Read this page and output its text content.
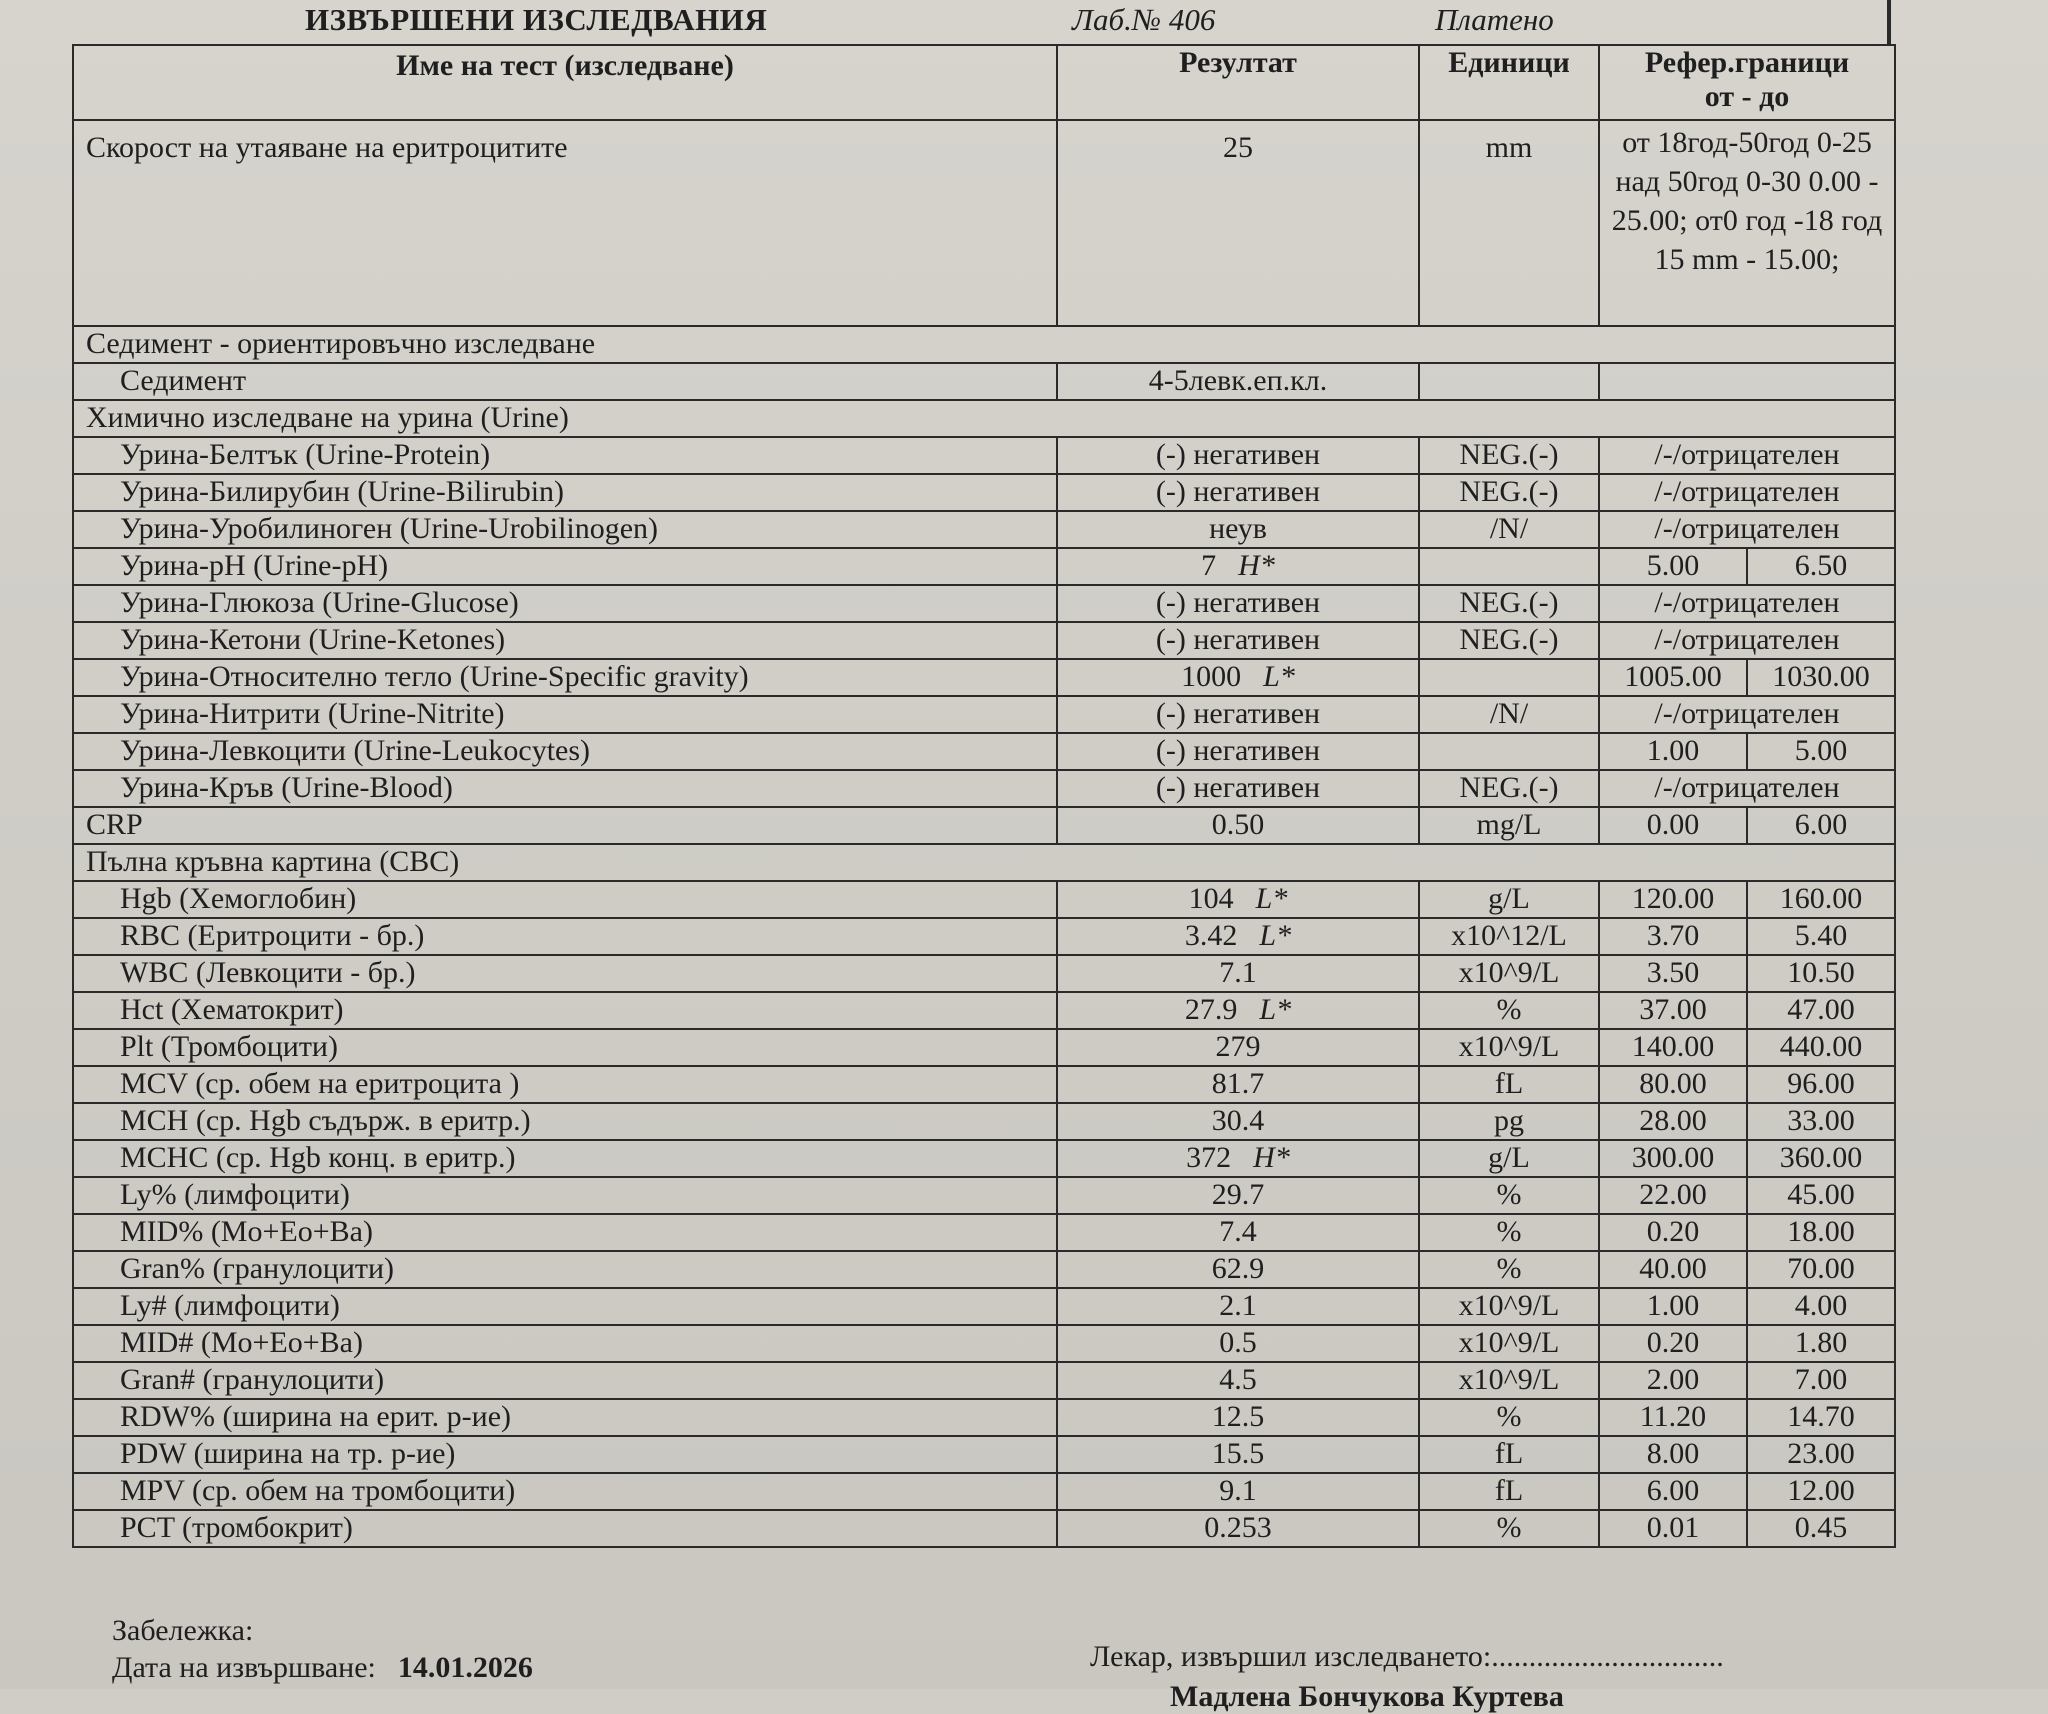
ИЗВЪРШЕНИ ИЗСЛЕДВАНИЯ	Лаб.№ 406	Платено
Име на тест (изследване)	Резултат	Единици	Рефер.граници
от - до	

Скорост на утаяване на еритроцитите	25	mm	от 18год-50год 0-25 над 50год 0-30 0.00 - 25.00; от0 год -18 год 15 mm - 15.00;	
Седимент - ориентировъчно изследване				
Седимент	4-5левк.еп.кл.			
Химично изследване на урина (Urine)				
Урина-Белтък (Urine-Protein)	(-) негативен	NEG.(-)	/-/отрицателен	
Урина-Билирубин (Urine-Bilirubin)	(-) негативен	NEG.(-)	/-/отрицателен	
Урина-Уробилиноген (Urine-Urobilinogen)	неув	/N/	/-/отрицателен	
Урина-pH (Urine-pH)	7 H*		5.00	6.50
Урина-Глюкоза (Urine-Glucose)	(-) негативен	NEG.(-)	/-/отрицателен	
Урина-Кетони (Urine-Ketones)	(-) негативен	NEG.(-)	/-/отрицателен	
Урина-Относително тегло (Urine-Specific gravity)	1000 L*		1005.00	1030.00
Урина-Нитрити (Urine-Nitrite)	(-) негативен	/N/	/-/отрицателен	
Урина-Левкоцити (Urine-Leukocytes)	(-) негативен		1.00	5.00
Урина-Кръв (Urine-Blood)	(-) негативен	NEG.(-)	/-/отрицателен	
CRP	0.50	mg/L	0.00	6.00
Пълна кръвна картина (CBC)				
Hgb (Хемоглобин)	104 L*	g/L	120.00	160.00
RBC (Еритроцити - бр.)	3.42 L*	x10^12/L	3.70	5.40
WBC (Левкоцити - бр.)	7.1	x10^9/L	3.50	10.50
Hct (Хематокрит)	27.9 L*	%	37.00	47.00
Plt (Тромбоцити)	279	x10^9/L	140.00	440.00
MCV (ср. обем на еритроцита )	81.7	fL	80.00	96.00
MCH (ср. Hgb съдърж. в еритр.)	30.4	pg	28.00	33.00
MCHC (ср. Hgb конц. в еритр.)	372 H*	g/L	300.00	360.00
Ly% (лимфоцити)	29.7	%	22.00	45.00
MID% (Mo+Eo+Ba)	7.4	%	0.20	18.00
Gran% (гранулоцити)	62.9	%	40.00	70.00
Ly# (лимфоцити)	2.1	x10^9/L	1.00	4.00
MID# (Mo+Eo+Ba)	0.5	x10^9/L	0.20	1.80
Gran# (гранулоцити)	4.5	x10^9/L	2.00	7.00
RDW% (ширина на ерит. р-ие)	12.5	%	11.20	14.70
PDW (ширина на тр. р-ие)	15.5	fL	8.00	23.00
MPV (ср. обем на тромбоцити)	9.1	fL	6.00	12.00
PCT (тромбокрит)	0.253	%	0.01	0.45
Забележка:
Дата на извършване: 14.01.2026	Лекар, извършил изследването:...............................
Мадлена Бончукова Куртева
